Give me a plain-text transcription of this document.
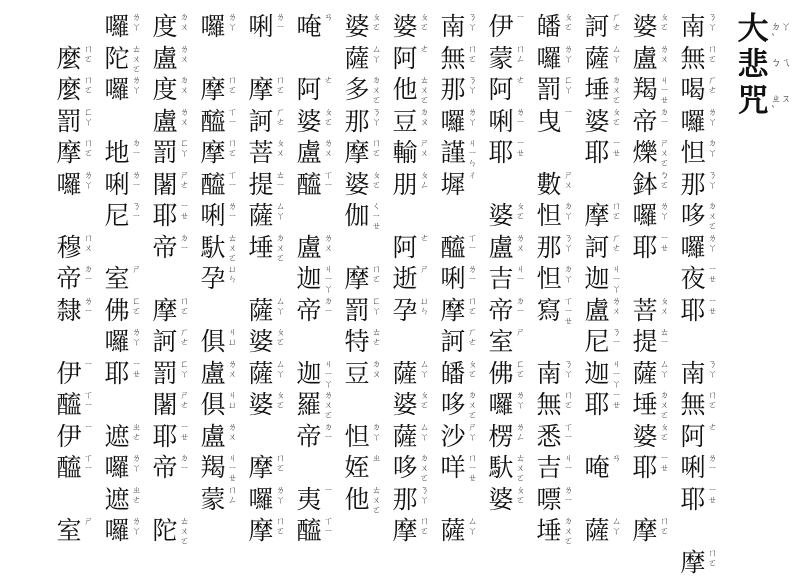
大 ㄉㄚˋ
悲 ㄅㄟ
咒 ㄓㄡˋ
南 ㄋㄚ
無 ㄇㄛ
喝 ㄏㄜ
囉 ㄌㄚ
怛 ㄉㄚ
那 ㄋㄚ
哆 ㄉㄨㄛ
囉 ㄌㄚ
夜 ㄧㄝ
耶 ㄧㄝ
南 ㄋㄚ
無 ㄇㄛ
阿 ㄜ
唎 ㄌㄧ
耶 ㄧㄝ
摩 ㄇㄛ
婆 ㄆㄛ
盧 ㄌㄨ
羯 ㄐㄧㄝ
帝 ㄉㄧ
爍 ㄕㄨㄛ
鉢 ㄅㄛ
囉 ㄌㄚ
耶 ㄧㄝ
菩 ㄆㄨ
提 ㄊㄧ
薩 ㄙㄚ
埵 ㄉㄨㄛ
婆 ㄆㄛ
耶 ㄧㄝ
摩 ㄇㄛ
訶 ㄏㄜ
薩 ㄙㄚ
埵 ㄉㄨㄛ
婆 ㄆㄛ
耶 ㄧㄝ
摩 ㄇㄛ
訶 ㄏㄜ
迦 ㄐㄧㄚ
盧 ㄌㄨ
尼 ㄋㄧ
迦 ㄐㄧㄚ
耶 ㄧㄝ
唵 ㄢ
薩 ㄙㄚ
皤 ㄆㄛ
囉 ㄌㄚ
罰 ㄈㄚ
曳 ㄧ
數 ㄕㄨ
怛 ㄉㄚ
那 ㄋㄚ
怛 ㄉㄚ
寫 ㄒㄧㄝ
南 ㄋㄚ
無 ㄇㄛ
悉 ㄒㄧ
吉 ㄐㄧ
嘌 ㄌㄧ
埵 ㄉㄨㄛ
伊 ㄧ
蒙 ㄇㄥ
阿 ㄜ
唎 ㄌㄧ
耶 ㄧㄝ
婆 ㄆㄛ
盧 ㄌㄨ
吉 ㄐㄧ
帝 ㄉㄧ
室 ㄕ
佛 ㄈㄛ
囉 ㄌㄚ
楞 ㄌㄥ
馱 ㄊㄨㄛ
婆 ㄆㄛ
南 ㄋㄚ
無 ㄇㄛ
那 ㄋㄚ
囉 ㄌㄚ
謹 ㄐㄧㄣ
墀 ㄔ
醯 ㄒㄧ
唎 ㄌㄧ
摩 ㄇㄛ
訶 ㄏㄜ
皤 ㄆㄛ
哆 ㄉㄨㄛ
沙 ㄕㄚ
咩 ㄇㄧㄝ
薩 ㄙㄚ
婆 ㄆㄛ
阿 ㄜ
他 ㄊㄨㄛ
豆 ㄉㄡ
輸 ㄕㄨ
朋 ㄆㄥ
阿 ㄜ
逝 ㄕ
孕 ㄩㄣ
薩 ㄙㄚ
婆 ㄆㄛ
薩 ㄙㄚ
哆 ㄉㄨㄛ
那 ㄋㄚ
摩 ㄇㄛ
婆 ㄆㄛ
薩 ㄙㄚ
多 ㄉㄨㄛ
那 ㄋㄚ
摩 ㄇㄛ
婆 ㄆㄛ
伽 ㄑㄧㄝ
摩 ㄇㄛ
罰 ㄈㄚ
特 ㄊㄜ
豆 ㄉㄡ
怛 ㄉㄚ
姪 ㄓ
他 ㄊㄨㄛ
唵 ㄢ
阿 ㄜ
婆 ㄆㄛ
盧 ㄌㄨ
醯 ㄒㄧ
盧 ㄌㄨ
迦 ㄐㄧㄚ
帝 ㄉㄧ
迦 ㄐㄧㄚ
羅 ㄌㄨㄛ
帝 ㄉㄧ
夷 ㄧ
醯 ㄒㄧ
唎 ㄌㄧ
摩 ㄇㄛ
訶 ㄏㄜ
菩 ㄆㄨ
提 ㄊㄧ
薩 ㄙㄚ
埵 ㄉㄨㄛ
薩 ㄙㄚ
婆 ㄆㄛ
薩 ㄙㄚ
婆 ㄆㄛ
摩 ㄇㄛ
囉 ㄌㄚ
摩 ㄇㄛ
囉 ㄌㄚ
摩 ㄇㄛ
醯 ㄒㄧ
摩 ㄇㄛ
醯 ㄒㄧ
唎 ㄌㄧ
馱 ㄊㄨㄛ
孕 ㄩㄣ
俱 ㄐㄩ
盧 ㄌㄨ
俱 ㄐㄩ
盧 ㄌㄨ
羯 ㄐㄧㄝ
蒙 ㄇㄥ
度 ㄉㄨ
盧 ㄌㄨ
度 ㄉㄨ
盧 ㄌㄨ
罰 ㄈㄚ
闍 ㄕㄜ
耶 ㄧㄝ
帝 ㄉㄧ
摩 ㄇㄛ
訶 ㄏㄜ
罰 ㄈㄚ
闍 ㄕㄜ
耶 ㄧㄝ
帝 ㄉㄧ
陀 ㄊㄨㄛ
囉 ㄌㄚ
陀 ㄊㄨㄛ
囉 ㄌㄚ
地 ㄉㄧ
唎 ㄌㄧ
尼 ㄋㄧ
室 ㄕ
佛 ㄈㄛ
囉 ㄌㄚ
耶 ㄧㄝ
遮 ㄓㄜ
囉 ㄌㄚ
遮 ㄓㄜ
囉 ㄌㄚ
麼 ㄇㄛ
麼 ㄇㄛ
罰 ㄈㄚ
摩 ㄇㄛ
囉 ㄌㄚ
穆 ㄇㄨ
帝 ㄉㄧ
隸 ㄌㄧ
伊 ㄧ
醯 ㄒㄧ
伊 ㄧ
醯 ㄒㄧ
室 ㄕ
